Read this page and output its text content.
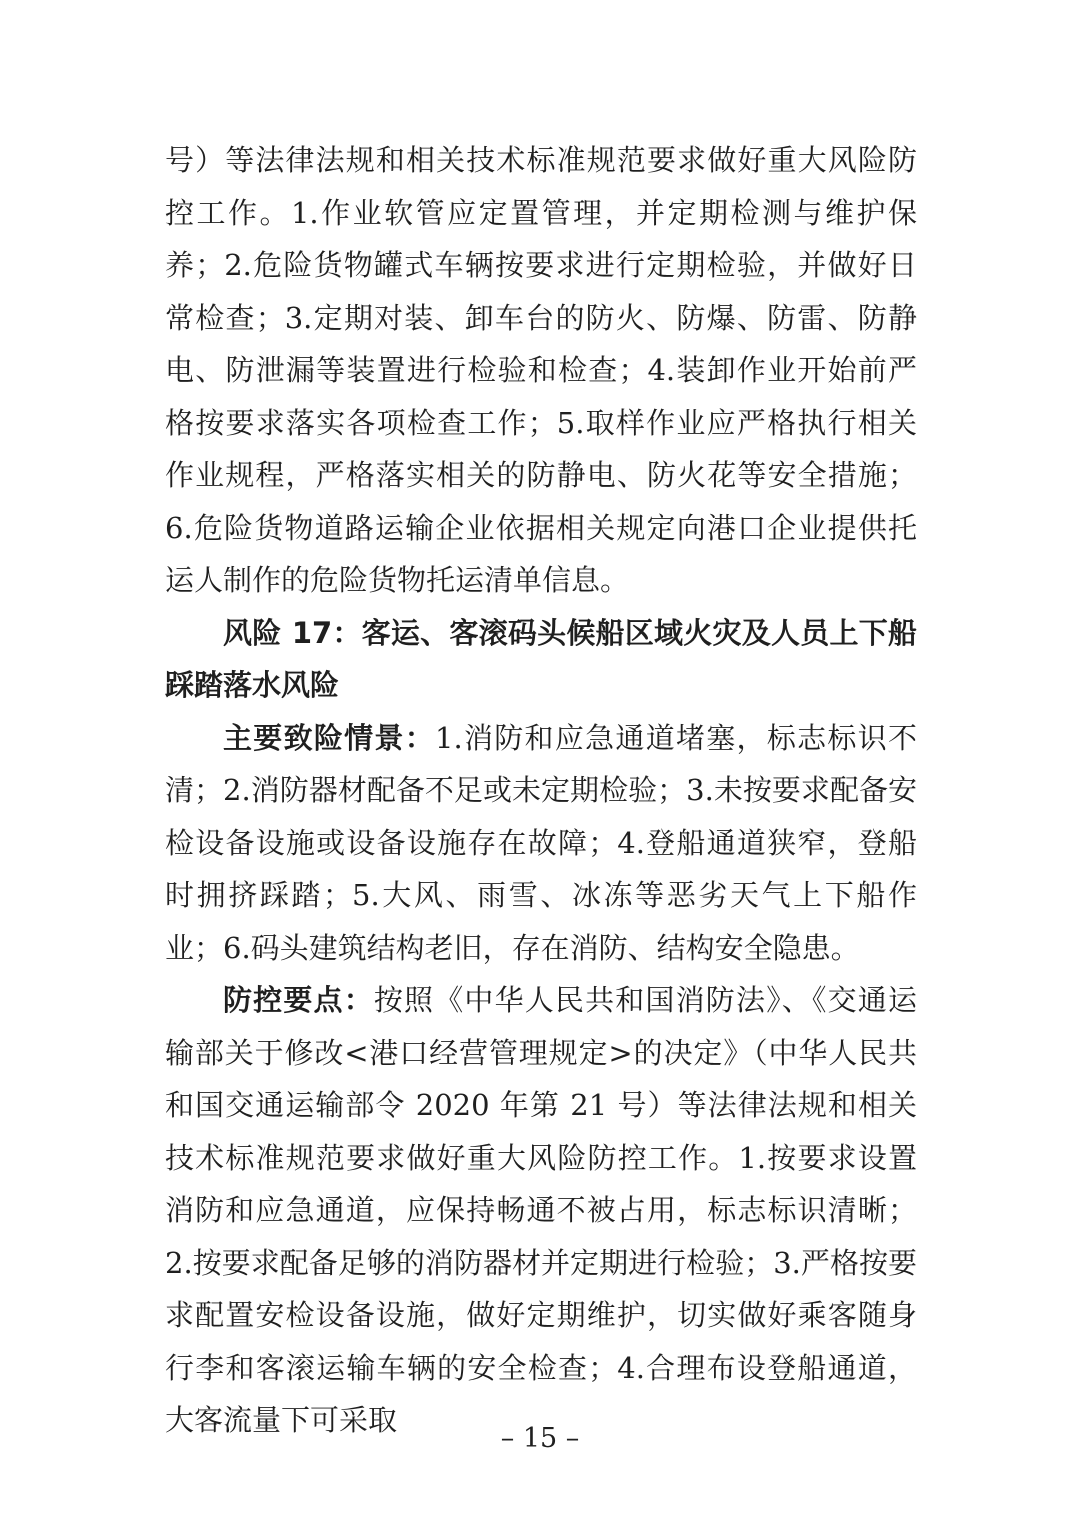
号）等法律法规和相关技术标准规范要求做好重大风险防控工作。1.作业软管应定置管理，并定期检测与维护保养；2.危险货物罐式车辆按要求进行定期检验，并做好日常检查；3.定期对装、卸车台的防火、防爆、防雷、防静电、防泄漏等装置进行检验和检查；4.装卸作业开始前严格按要求落实各项检查工作；5.取样作业应严格执行相关作业规程，严格落实相关的防静电、防火花等安全措施；6.危险货物道路运输企业依据相关规定向港口企业提供托运人制作的危险货物托运清单信息。

风险 17：客运、客滚码头候船区域火灾及人员上下船踩踏落水风险

主要致险情景：1.消防和应急通道堵塞，标志标识不清；2.消防器材配备不足或未定期检验；3.未按要求配备安检设备设施或设备设施存在故障；4.登船通道狭窄，登船时拥挤踩踏；5.大风、雨雪、冰冻等恶劣天气上下船作业；6.码头建筑结构老旧，存在消防、结构安全隐患。

防控要点：按照《中华人民共和国消防法》、《交通运输部关于修改<港口经营管理规定>的决定》（中华人民共和国交通运输部令 2020 年第 21 号）等法律法规和相关技术标准规范要求做好重大风险防控工作。1.按要求设置消防和应急通道，应保持畅通不被占用，标志标识清晰；2.按要求配备足够的消防器材并定期进行检验；3.严格按要求配置安检设备设施，做好定期维护，切实做好乘客随身行李和客滚运输车辆的安全检查；4.合理布设登船通道，大客流量下可采取

– 15 –
